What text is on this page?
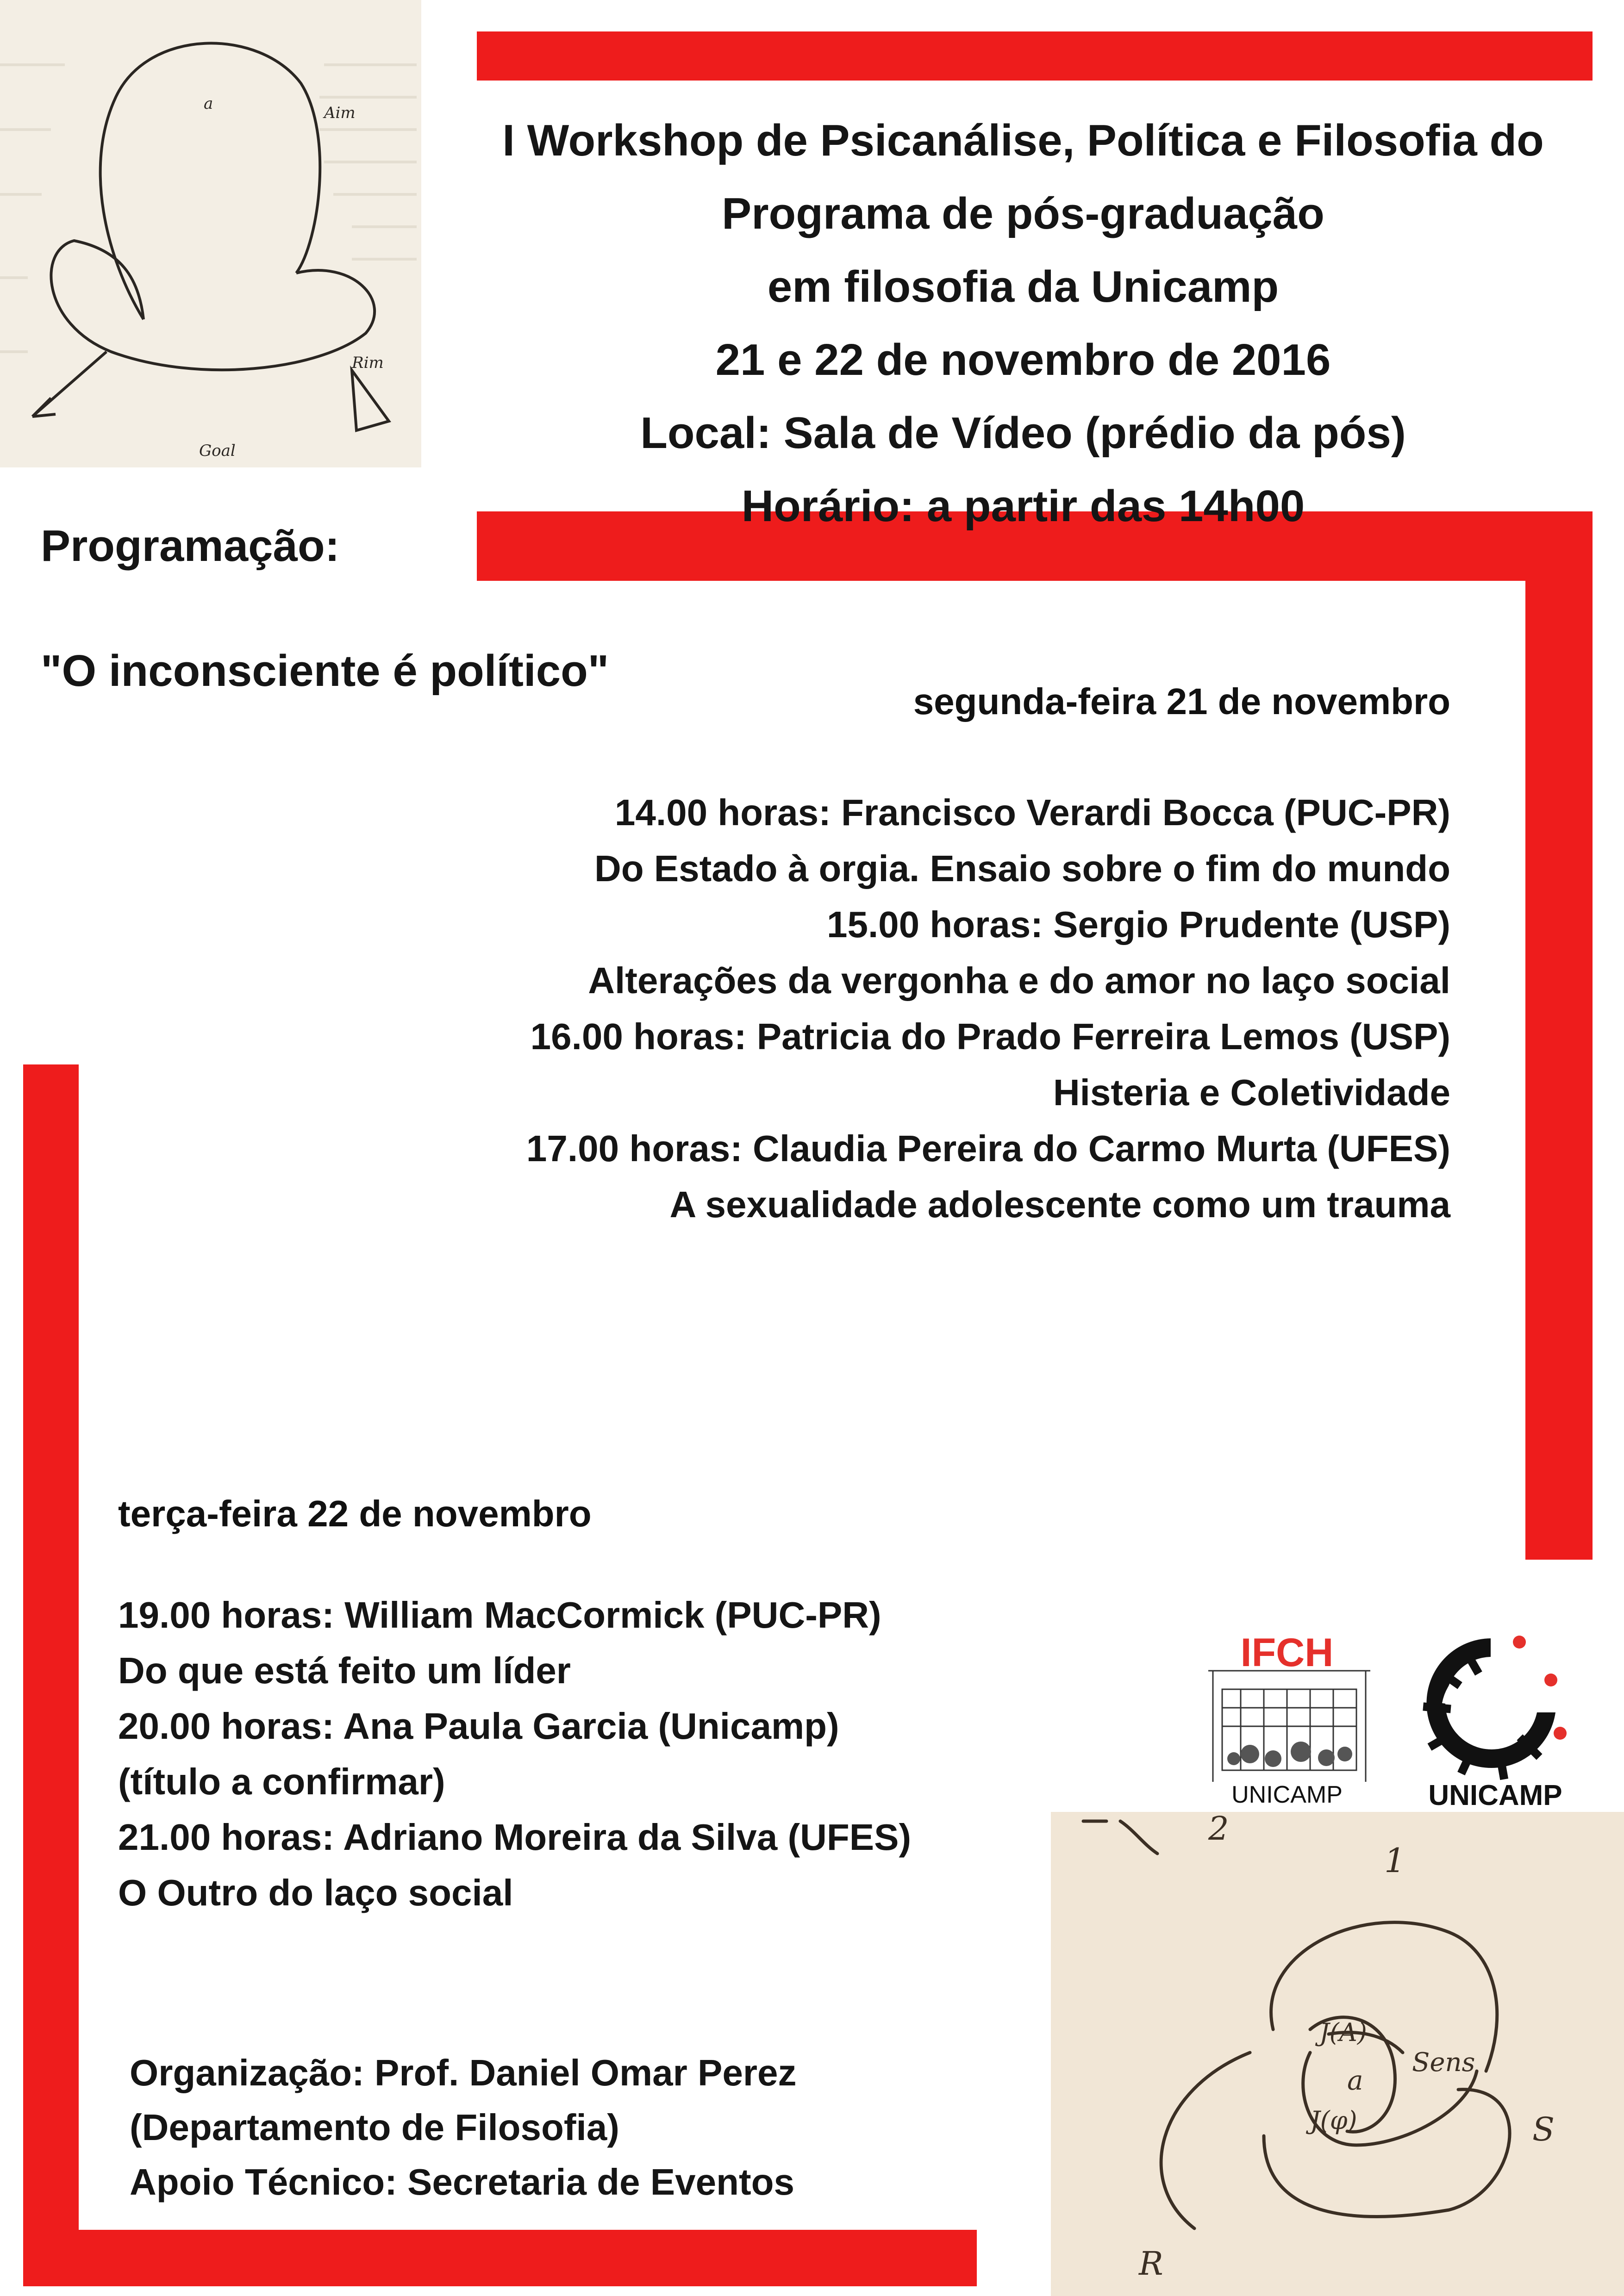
a	Aim
Rim
Goal
I Workshop de Psicanálise, Política e Filosofia do
Programa de pós-graduação
em filosofia da Unicamp
21 e 22 de novembro de 2016
Local: Sala de Vídeo (prédio da pós)
Horário: a partir das 14h00
Programação:
"O inconsciente é político"
segunda-feira 21 de novembro
14.00 horas: Francisco Verardi Bocca (PUC-PR)
Do Estado à orgia. Ensaio sobre o fim do mundo
15.00 horas: Sergio Prudente (USP)
Alterações da vergonha e do amor no laço social
16.00 horas: Patricia do Prado Ferreira Lemos (USP)
Histeria e Coletividade
17.00 horas: Claudia Pereira do Carmo Murta (UFES)
A sexualidade adolescente como um trauma
terça-feira 22 de novembro
19.00 horas: William MacCormick (PUC-PR)
Do que está feito um líder
20.00 horas: Ana Paula Garcia (Unicamp)
(título a confirmar)
21.00 horas: Adriano Moreira da Silva (UFES)
O Outro do laço social
Organização: Prof. Daniel Omar Perez
(Departamento de Filosofia)
Apoio Técnico: Secretaria de Eventos
IFCH
UNICAMP	UNICAMP
2
1
J(A)
a
Sens
J(φ)	S
R
